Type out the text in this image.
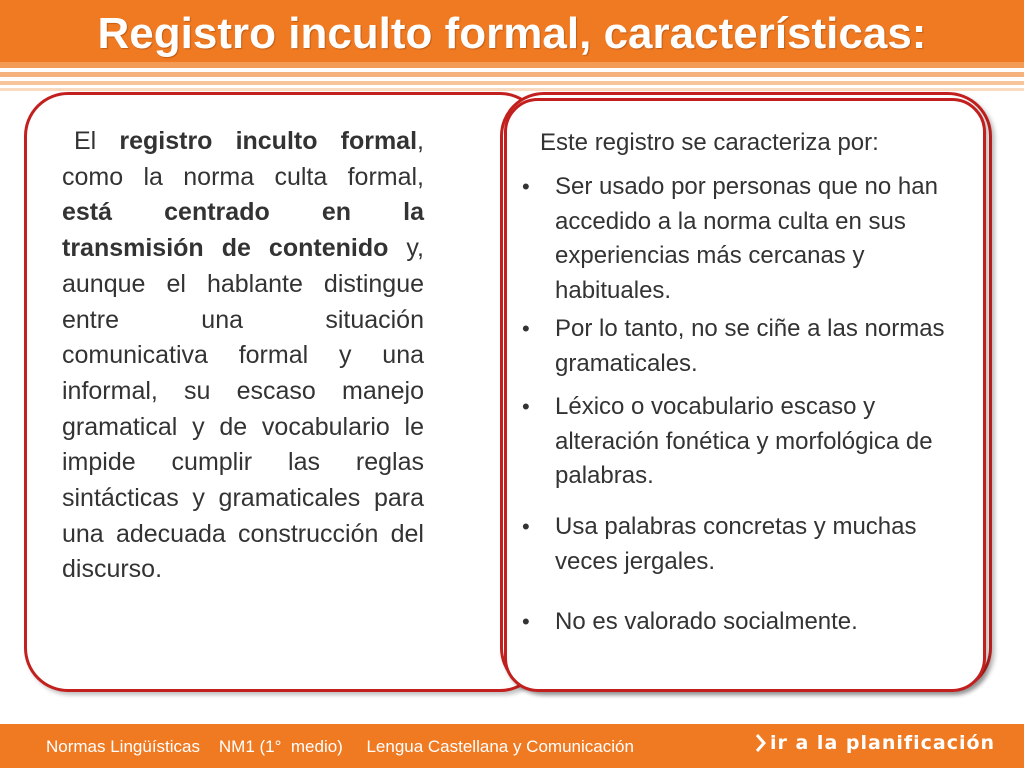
Registro inculto formal, características:
El registro inculto formal, como la norma culta formal, está centrado en la transmisión de contenido y, aunque el hablante distingue entre una situación comunicativa formal y una informal, su escaso manejo gramatical y de vocabulario le impide cumplir las reglas sintácticas y gramaticales para una adecuada construcción del discurso.
Este registro se caracteriza por:
• Ser usado por personas que no han accedido a la norma culta en sus experiencias más cercanas y habituales.
• Por lo tanto, no se ciñe a las normas gramaticales.
• Léxico o vocabulario escaso y alteración fonética y morfológica de palabras.
• Usa palabras concretas y muchas veces jergales.
• No es valorado socialmente.
Normas Lingüísticas    NM1 (1°  medio)     Lengua Castellana y Comunicación	ir a la planificación
